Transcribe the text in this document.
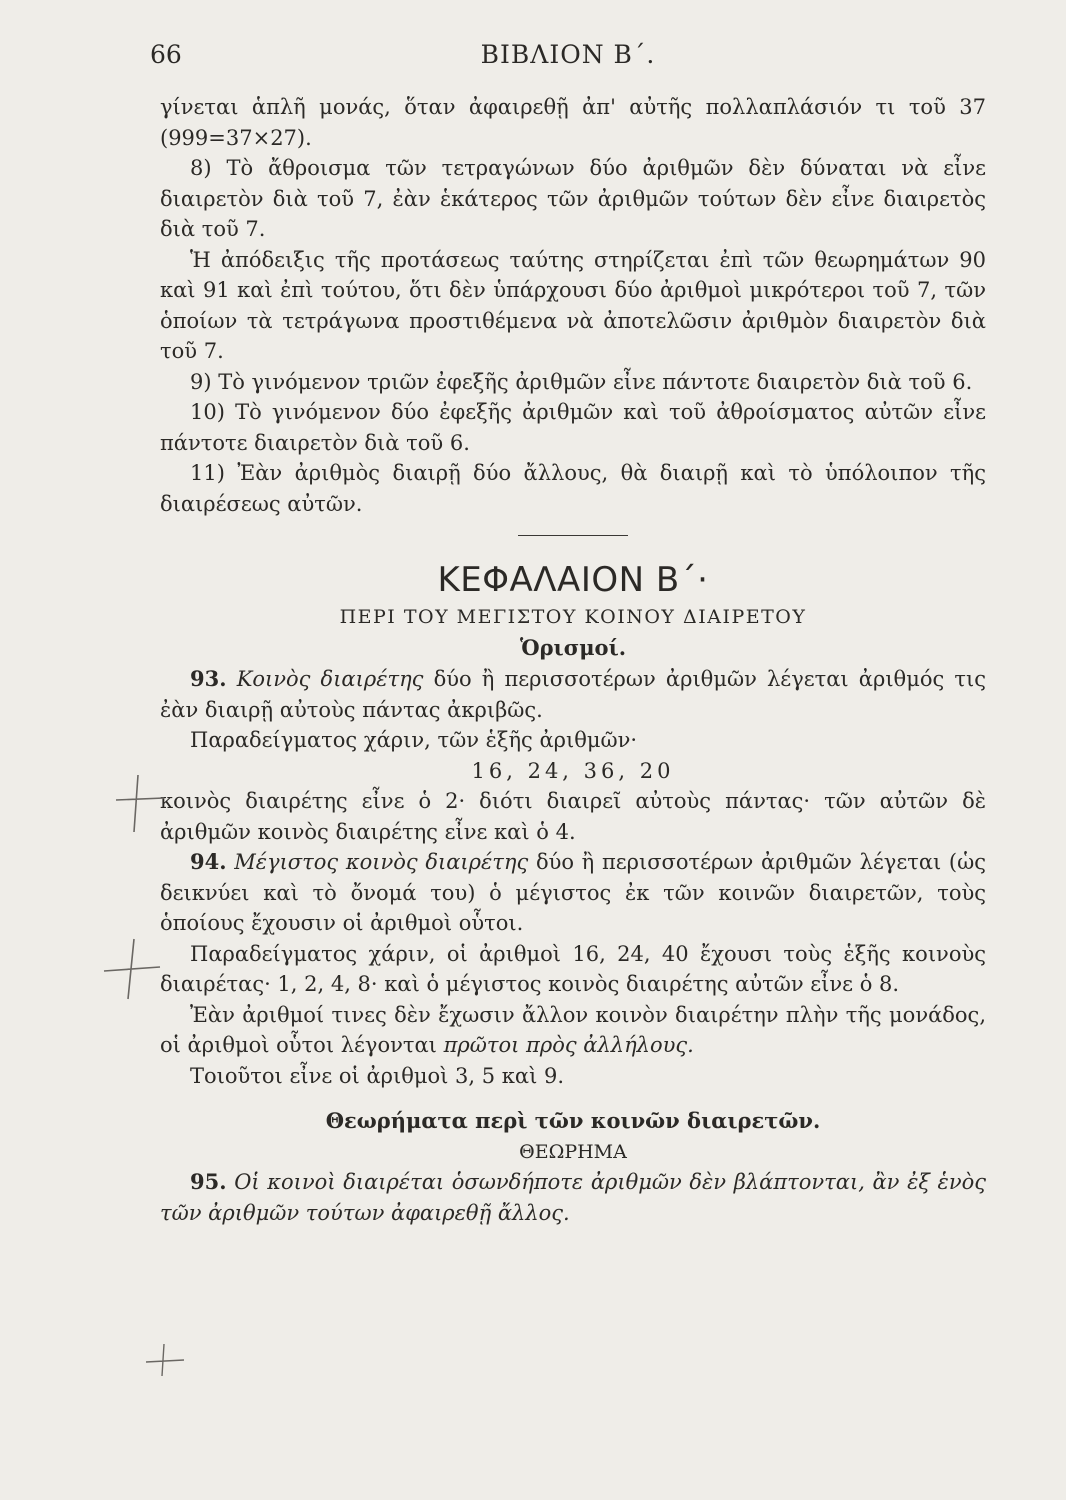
66	ΒΙΒΛΙΟΝ Β΄.

γίνεται ἁπλῆ μονάς, ὅταν ἀφαιρεθῇ ἀπ' αὐτῆς πολλαπλάσιόν τι τοῦ 37 (999=37×27).

8) Τὸ ἄθροισμα τῶν τετραγώνων δύο ἀριθμῶν δὲν δύναται νὰ εἶνε διαιρετὸν διὰ τοῦ 7, ἐὰν ἑκάτερος τῶν ἀριθμῶν τούτων δὲν εἶνε διαιρετὸς διὰ τοῦ 7.

Ἡ ἀπόδειξις τῆς προτάσεως ταύτης στηρίζεται ἐπὶ τῶν θεωρημάτων 90 καὶ 91 καὶ ἐπὶ τούτου, ὅτι δὲν ὑπάρχουσι δύο ἀριθμοὶ μικρότεροι τοῦ 7, τῶν ὁποίων τὰ τετράγωνα προστιθέμενα νὰ ἀποτελῶσιν ἀριθμὸν διαιρετὸν διὰ τοῦ 7.

9) Τὸ γινόμενον τριῶν ἐφεξῆς ἀριθμῶν εἶνε πάντοτε διαιρετὸν διὰ τοῦ 6.

10) Τὸ γινόμενον δύο ἐφεξῆς ἀριθμῶν καὶ τοῦ ἀθροίσματος αὐτῶν εἶνε πάντοτε διαιρετὸν διὰ τοῦ 6.

11) Ἐὰν ἀριθμὸς διαιρῇ δύο ἄλλους, θὰ διαιρῇ καὶ τὸ ὑπόλοιπον τῆς διαιρέσεως αὐτῶν.

ΚΕΦΑΛΑΙΟΝ Β΄·

ΠΕΡΙ ΤΟΥ ΜΕΓΙΣΤΟΥ ΚΟΙΝΟΥ ΔΙΑΙΡΕΤΟΥ

Ὁρισμοί.

93. Κοινὸς διαιρέτης δύο ἢ περισσοτέρων ἀριθμῶν λέγεται ἀριθμός τις ἐὰν διαιρῇ αὐτοὺς πάντας ἀκριβῶς.

Παραδείγματος χάριν, τῶν ἑξῆς ἀριθμῶν·

16, 24, 36, 20

κοινὸς διαιρέτης εἶνε ὁ 2· διότι διαιρεῖ αὐτοὺς πάντας· τῶν αὐτῶν δὲ ἀριθμῶν κοινὸς διαιρέτης εἶνε καὶ ὁ 4.

94. Μέγιστος κοινὸς διαιρέτης δύο ἢ περισσοτέρων ἀριθμῶν λέγεται (ὡς δεικνύει καὶ τὸ ὄνομά του) ὁ μέγιστος ἐκ τῶν κοινῶν διαιρετῶν, τοὺς ὁποίους ἔχουσιν οἱ ἀριθμοὶ οὗτοι.

Παραδείγματος χάριν, οἱ ἀριθμοὶ 16, 24, 40 ἔχουσι τοὺς ἑξῆς κοινοὺς διαιρέτας· 1, 2, 4, 8· καὶ ὁ μέγιστος κοινὸς διαιρέτης αὐτῶν εἶνε ὁ 8.

Ἐὰν ἀριθμοί τινες δὲν ἔχωσιν ἄλλον κοινὸν διαιρέτην πλὴν τῆς μονάδος, οἱ ἀριθμοὶ οὗτοι λέγονται πρῶτοι πρὸς ἀλλήλους.

Τοιοῦτοι εἶνε οἱ ἀριθμοὶ 3, 5 καὶ 9.

Θεωρήματα περὶ τῶν κοινῶν διαιρετῶν.

ΘΕΩΡΗΜΑ

95. Οἱ κοινοὶ διαιρέται ὁσωνδήποτε ἀριθμῶν δὲν βλάπτονται, ἂν ἐξ ἑνὸς τῶν ἀριθμῶν τούτων ἀφαιρεθῇ ἄλλος.
